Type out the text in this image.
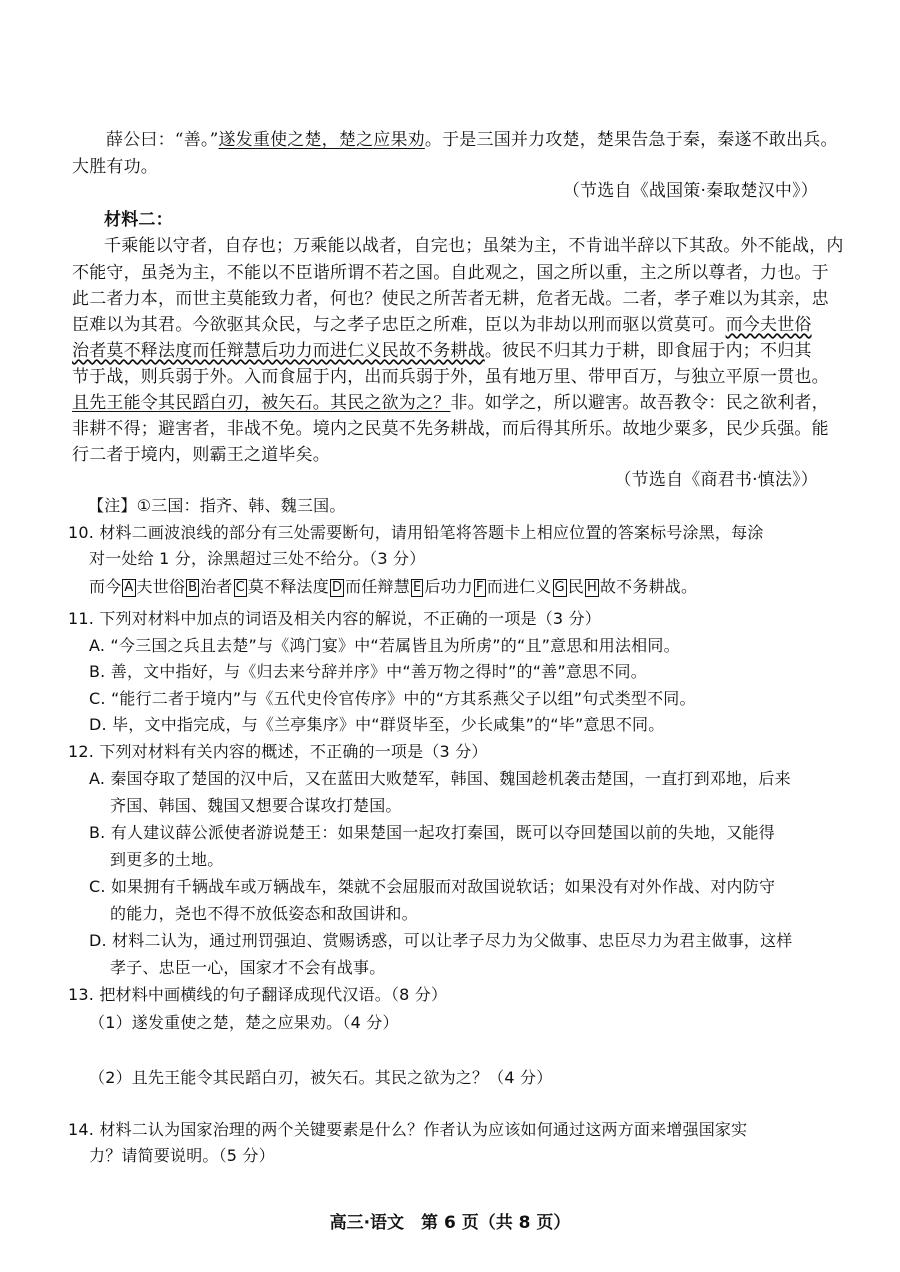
薛公曰：“善。”遂发重使之楚，楚之应果劝。于是三国并力攻楚，楚果告急于秦，秦遂不敢出兵。
大胜有功。
（节选自《战国策·秦取楚汉中》）
材料二：
千乘能以守者，自存也；万乘能以战者，自完也；虽桀为主，不肯诎半辞以下其敌。外不能战，内
不能守，虽尧为主，不能以不臣谐所谓不若之国。自此观之，国之所以重，主之所以尊者，力也。于
此二者力本，而世主莫能致力者，何也？使民之所苦者无耕，危者无战。二者，孝子难以为其亲，忠
臣难以为其君。今欲驱其众民，与之孝子忠臣之所难，臣以为非劫以刑而驱以赏莫可。而今夫世俗
治者莫不释法度而任辩慧后功力而进仁义民故不务耕战。彼民不归其力于耕，即食屈于内；不归其
节于战，则兵弱于外。入而食屈于内，出而兵弱于外，虽有地万里、带甲百万，与独立平原一贯也。
且先王能令其民蹈白刃，被矢石。其民之欲为之？非。如学之，所以避害。故吾教令：民之欲利者，
非耕不得；避害者，非战不免。境内之民莫不先务耕战，而后得其所乐。故地少粟多，民少兵强。能
行二者于境内，则霸王之道毕矣。
（节选自《商君书·慎法》）
【注】①三国：指齐、韩、魏三国。
10. 材料二画波浪线的部分有三处需要断句，请用铅笔将答题卡上相应位置的答案标号涂黑，每涂
对一处给 1 分，涂黑超过三处不给分。（3 分）
而今 A 夫世俗 B 治者 C 莫不释法度 D 而任辩慧 E 后功力 F 而进仁义 G 民 H 故不务耕战。
11. 下列对材料中加点的词语及相关内容的解说，不正确的一项是（3 分）
A. “今三国之兵且去楚”与《鸿门宴》中“若属皆且为所虏”的“且”意思和用法相同。
B. 善，文中指好，与《归去来兮辞并序》中“善万物之得时”的“善”意思不同。
C. “能行二者于境内”与《五代史伶官传序》中的“方其系燕父子以组”句式类型不同。
D. 毕，文中指完成，与《兰亭集序》中“群贤毕至，少长咸集”的“毕”意思不同。
12. 下列对材料有关内容的概述，不正确的一项是（3 分）
A. 秦国夺取了楚国的汉中后，又在蓝田大败楚军，韩国、魏国趁机袭击楚国，一直打到邓地，后来
齐国、韩国、魏国又想要合谋攻打楚国。
B. 有人建议薛公派使者游说楚王：如果楚国一起攻打秦国，既可以夺回楚国以前的失地，又能得
到更多的土地。
C. 如果拥有千辆战车或万辆战车，桀就不会屈服而对敌国说软话；如果没有对外作战、对内防守
的能力，尧也不得不放低姿态和敌国讲和。
D. 材料二认为，通过刑罚强迫、赏赐诱惑，可以让孝子尽力为父做事、忠臣尽力为君主做事，这样
孝子、忠臣一心，国家才不会有战事。
13. 把材料中画横线的句子翻译成现代汉语。（8 分）
（1）遂发重使之楚，楚之应果劝。（4 分）
（2）且先王能令其民蹈白刃，被矢石。其民之欲为之？（4 分）
14. 材料二认为国家治理的两个关键要素是什么？作者认为应该如何通过这两方面来增强国家实
力？请简要说明。（5 分）
高三·语文　第 6 页（共 8 页）
